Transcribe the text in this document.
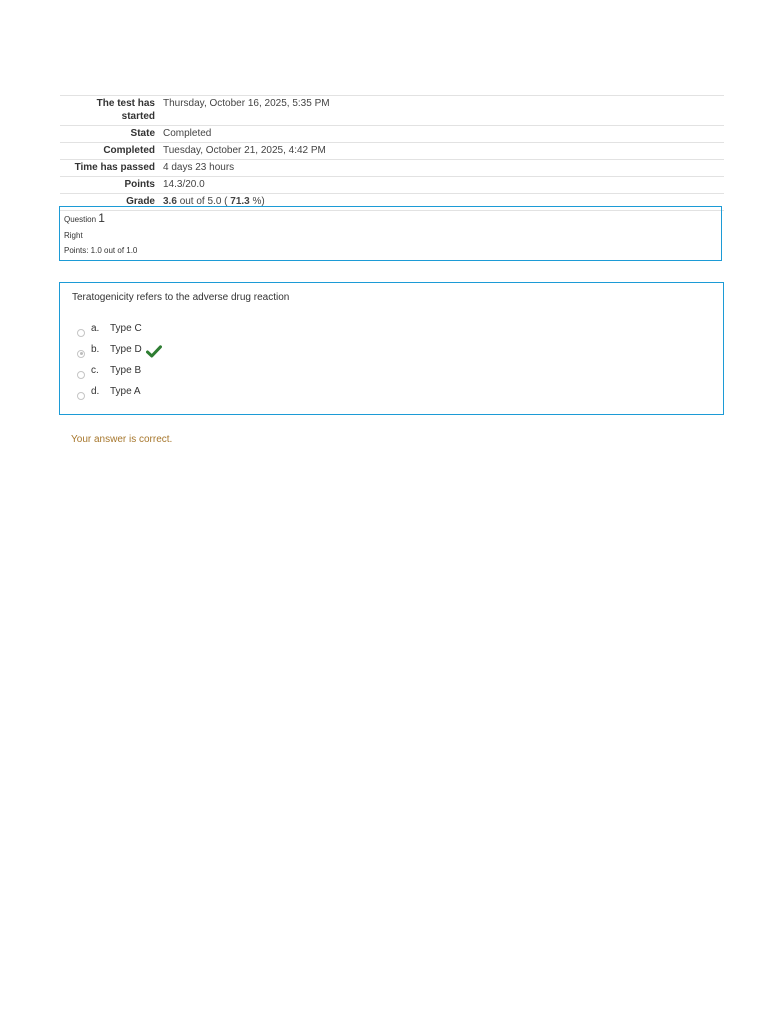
The test has started	Thursday, October 16, 2025, 5:35 PM
State	Completed
Completed	Tuesday, October 21, 2025, 4:42 PM
Time has passed	4 days 23 hours
Points	14.3/20.0
Grade	3.6 out of 5.0 ( 71.3 %)
Question 1
Right
Points: 1.0 out of 1.0
Teratogenicity refers to the adverse drug reaction
a.	Type C
b.	Type D
c.	Type B
d.	Type A
Your answer is correct.
